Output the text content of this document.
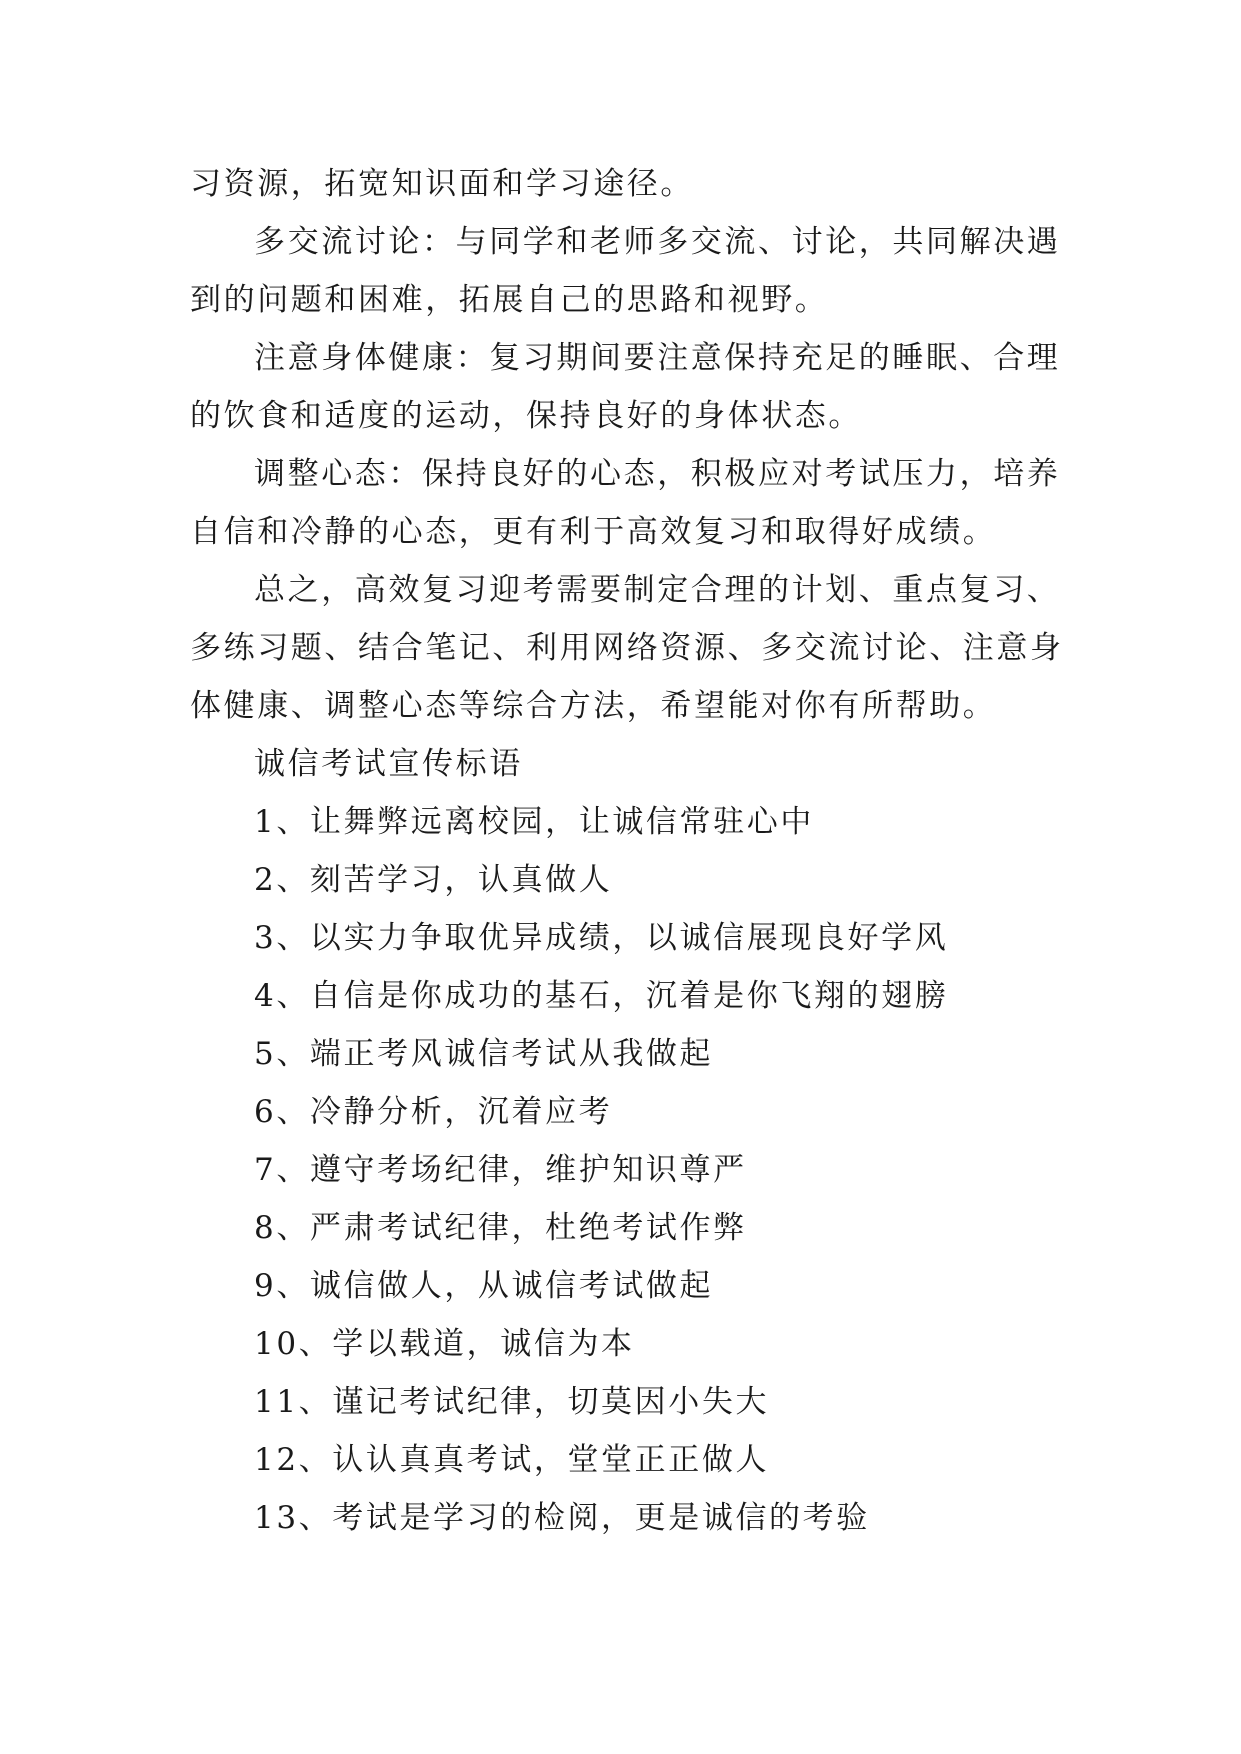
习资源，拓宽知识面和学习途径。
多交流讨论：与同学和老师多交流、讨论，共同解决遇
到的问题和困难，拓展自己的思路和视野。
注意身体健康：复习期间要注意保持充足的睡眠、合理
的饮食和适度的运动，保持良好的身体状态。
调整心态：保持良好的心态，积极应对考试压力，培养
自信和冷静的心态，更有利于高效复习和取得好成绩。
总之，高效复习迎考需要制定合理的计划、重点复习、
多练习题、结合笔记、利用网络资源、多交流讨论、注意身
体健康、调整心态等综合方法，希望能对你有所帮助。
诚信考试宣传标语
1、让舞弊远离校园，让诚信常驻心中
2、刻苦学习，认真做人
3、以实力争取优异成绩，以诚信展现良好学风
4、自信是你成功的基石，沉着是你飞翔的翅膀
5、端正考风诚信考试从我做起
6、冷静分析，沉着应考
7、遵守考场纪律，维护知识尊严
8、严肃考试纪律，杜绝考试作弊
9、诚信做人，从诚信考试做起
10、学以载道，诚信为本
11、谨记考试纪律，切莫因小失大
12、认认真真考试，堂堂正正做人
13、考试是学习的检阅，更是诚信的考验
